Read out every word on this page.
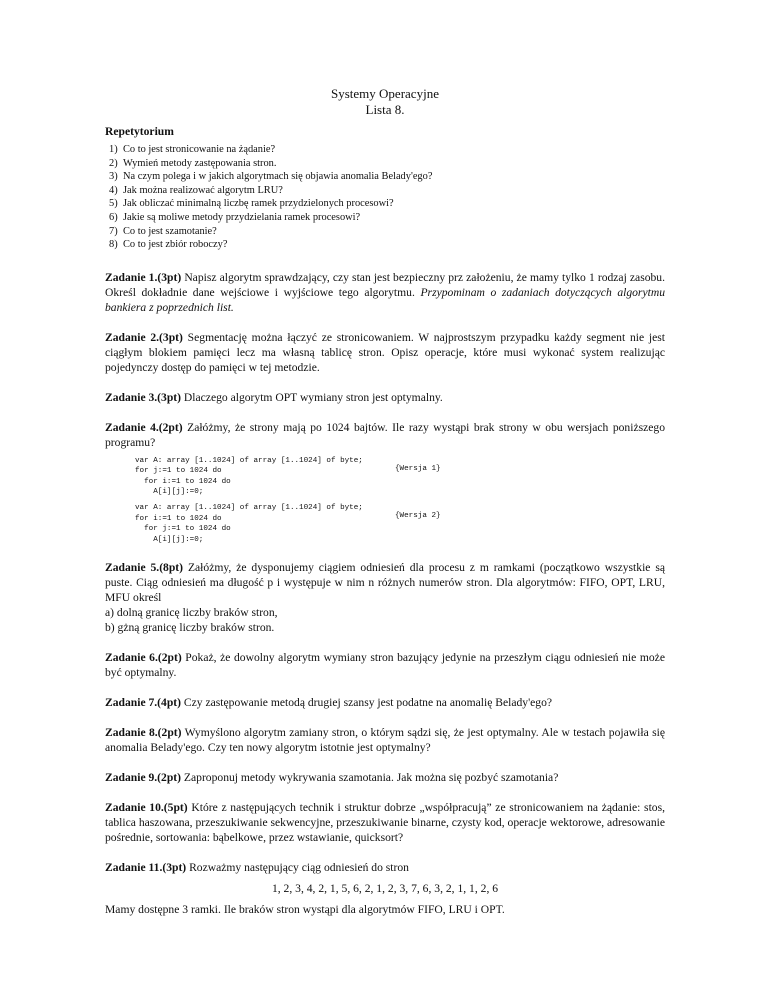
Systemy Operacyjne
Lista 8.
Repetytorium
1) Co to jest stronicowanie na żądanie?
2) Wymień metody zastępowania stron.
3) Na czym polega i w jakich algorytmach się objawia anomalia Belady'ego?
4) Jak można realizować algorytm LRU?
5) Jak obliczać minimalną liczbę ramek przydzielonych procesowi?
6) Jakie są moliwe metody przydzielania ramek procesowi?
7) Co to jest szamotanie?
8) Co to jest zbiór roboczy?
Zadanie 1.(3pt) Napisz algorytm sprawdzający, czy stan jest bezpieczny prz założeniu, że mamy tylko 1 rodzaj zasobu. Określ dokładnie dane wejściowe i wyjściowe tego algorytmu. Przypominam o zadaniach dotyczących algorytmu bankiera z poprzednich list.
Zadanie 2.(3pt) Segmentację można łączyć ze stronicowaniem. W najprostszym przypadku każdy segment nie jest ciągłym blokiem pamięci lecz ma własną tablicę stron. Opisz operacje, które musi wykonać system realizując pojedynczy dostęp do pamięci w tej metodzie.
Zadanie 3.(3pt) Dlaczego algorytm OPT wymiany stron jest optymalny.
Zadanie 4.(2pt) Załóżmy, że strony mają po 1024 bajtów. Ile razy wystąpi brak strony w obu wersjach poniższego programu?
var A: array [1..1024] of array [1..1024] of byte;
for j:=1 to 1024 do
for i:=1 to 1024 do
A[i][j]:=0;
{Wersja 1}
var A: array [1..1024] of array [1..1024] of byte;
for i:=1 to 1024 do
for j:=1 to 1024 do
A[i][j]:=0;
{Wersja 2}
Zadanie 5.(8pt) Załóżmy, że dysponujemy ciągiem odniesień dla procesu z m ramkami (początkowo wszystkie są puste. Ciąg odniesień ma długość p i występuje w nim n różnych numerów stron. Dla algorytmów: FIFO, OPT, LRU, MFU określ
a) dolną granicę liczby braków stron,
b) gżną granicę liczby braków stron.
Zadanie 6.(2pt) Pokaż, że dowolny algorytm wymiany stron bazujący jedynie na przeszłym ciągu odniesień nie może być optymalny.
Zadanie 7.(4pt) Czy zastępowanie metodą drugiej szansy jest podatne na anomalię Belady'ego?
Zadanie 8.(2pt) Wymyślono algorytm zamiany stron, o którym sądzi się, że jest optymalny. Ale w testach pojawiła się anomalia Belady'ego. Czy ten nowy algorytm istotnie jest optymalny?
Zadanie 9.(2pt) Zaproponuj metody wykrywania szamotania. Jak można się pozbyć szamotania?
Zadanie 10.(5pt) Które z następujących technik i struktur dobrze „współpracują” ze stronicowaniem na żądanie: stos, tablica haszowana, przeszukiwanie sekwencyjne, przeszukiwanie binarne, czysty kod, operacje wektorowe, adresowanie pośrednie, sortowania: bąbelkowe, przez wstawianie, quicksort?
Zadanie 11.(3pt) Rozważmy następujący ciąg odniesień do stron
1, 2, 3, 4, 2, 1, 5, 6, 2, 1, 2, 3, 7, 6, 3, 2, 1, 1, 2, 6
Mamy dostępne 3 ramki. Ile braków stron wystąpi dla algorytmów FIFO, LRU i OPT.
